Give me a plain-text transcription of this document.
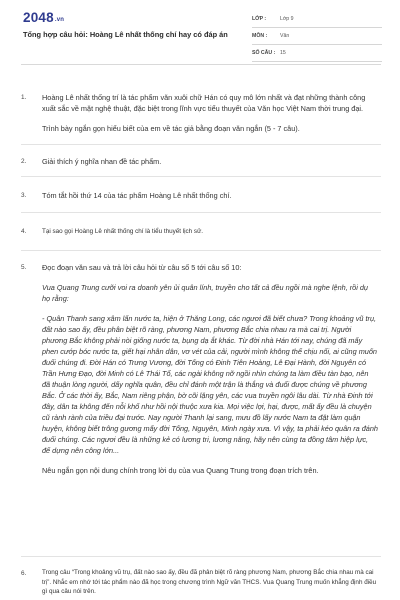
2048.vn
Tổng hợp câu hỏi: Hoàng Lê nhất thống chí hay có đáp án
LỚP :	Lớp 9
MÔN : Văn
SỐ CÂU : 15
1. Hoàng Lê nhất thống trí là tác phẩm văn xuôi chữ Hán có quy mô lớn nhất và đạt những thành công xuất sắc về mặt nghệ thuật, đặc biệt trong lĩnh vực tiểu thuyết của Văn học Việt Nam thời trung đại.

Trình bày ngắn gọn hiểu biết của em về tác giả bằng đoạn văn ngắn (5 - 7 câu).

2. Giải thích ý nghĩa nhan đề tác phẩm.
3. Tóm tắt hồi thứ 14 của tác phẩm Hoàng Lê nhất thống chí.
4. Tại sao gọi Hoàng Lê nhất thống chí là tiểu thuyết lịch sử.
5. Đọc đoạn văn sau và trả lời câu hỏi từ câu số 5 tới câu số 10:

Vua Quang Trung cưỡi voi ra doanh yên ủi quân lính, truyền cho tất cả đều ngồi mà nghe lệnh, rồi dụ họ rằng:

- Quân Thanh sang xâm lấn nước ta, hiện ở Thăng Long, các ngươi đã biết chưa? Trong khoảng vũ trụ, đất nào sao ấy, đều phân biệt rõ ràng, phương Nam, phương Bắc chia nhau ra mà cai trị. Người phương Bắc không phải nòi giống nước ta, bụng dạ ắt khác. Từ đời nhà Hán tới nay, chúng đã mấy phen cướp bóc nước ta, giết hại nhân dân, vơ vét của cải, người mình không thể chịu nổi, ai cũng muốn đuổi chúng đi. Đời Hán có Trưng Vương, đời Tống có Đinh Tiên Hoàng, Lê Đại Hành, đời Nguyên có Trần Hưng Đạo, đời Minh có Lê Thái Tổ, các ngài không nỡ ngồi nhìn chúng ta làm điều tàn bạo, nên đã thuận lòng người, dấy nghĩa quân, đều chỉ đánh một trận là thắng và đuổi được chúng về phương Bắc. Ở các thời ấy, Bắc, Nam riêng phận, bờ cõi lặng yên, các vua truyền ngôi lâu dài. Từ nhà Đinh tới đây, dân ta không đến nỗi khổ như hồi nội thuộc xưa kia. Mọi việc lợi, hại, được, mất ấy đều là chuyện cũ rành rành của triều đại trước. Nay người Thanh lại sang, mưu đồ lấy nước Nam ta đặt làm quận huyện, không biết trông gương mấy đời Tống, Nguyên, Minh ngày xưa. Vì vậy, ta phải kéo quân ra đánh đuổi chúng. Các ngươi đều là những kẻ có lương tri, lương năng, hãy nên cùng ta đồng tâm hiệp lực, để dựng nên công lớn...

Nêu ngắn gọn nội dung chính trong lời dụ của vua Quang Trung trong đoạn trích trên.

6. Trong câu “Trong khoảng vũ trụ, đất nào sao ấy, đều đã phân biệt rõ ràng phương Nam, phương Bắc chia nhau mà cai trị”. Nhắc em nhớ tới tác phẩm nào đã học trong chương trình Ngữ văn THCS. Vua Quang Trung muốn khẳng định điều gì qua câu nói trên.
